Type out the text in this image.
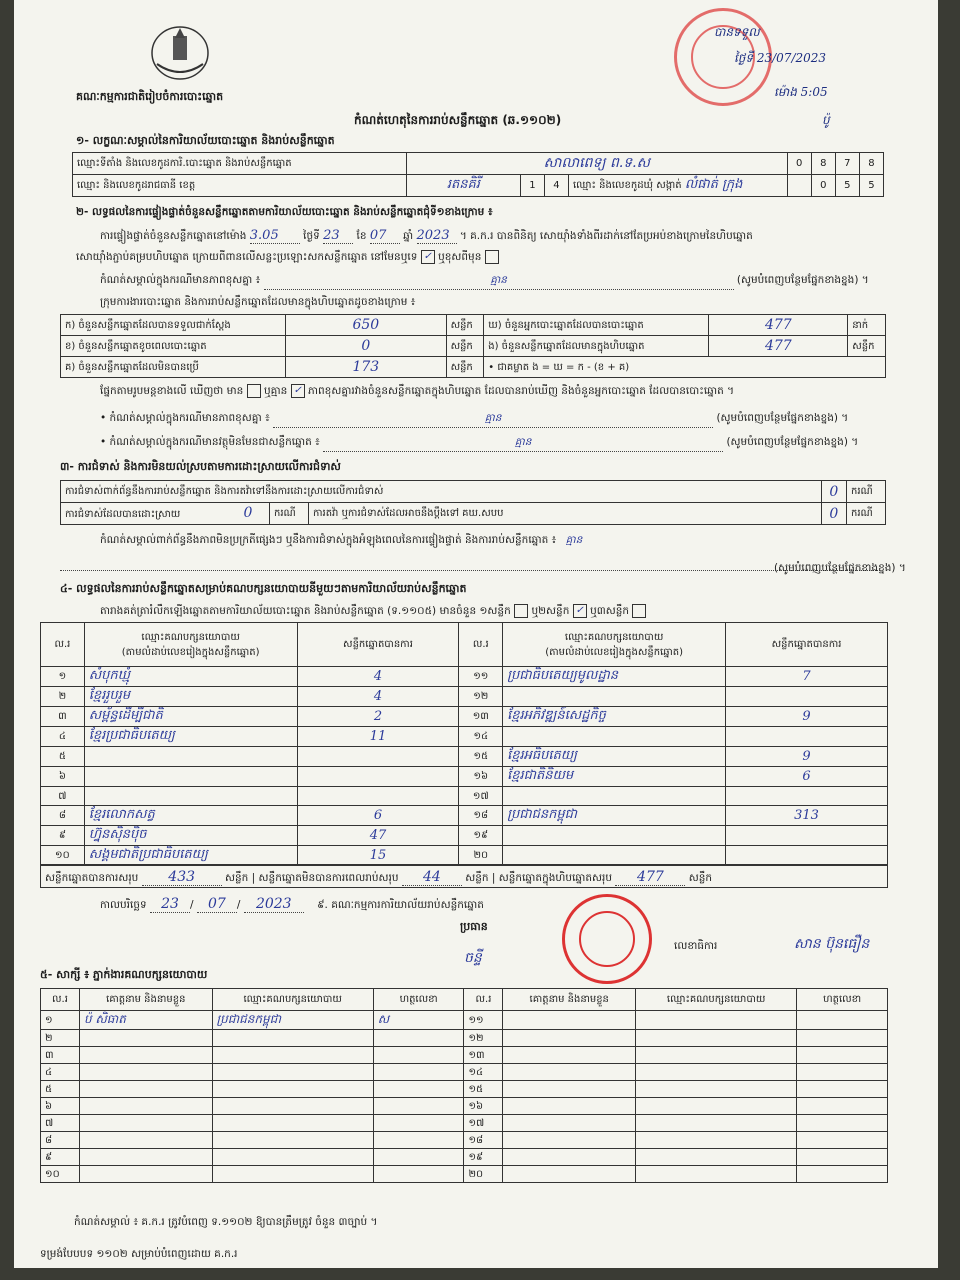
គណៈកម្មការជាតិរៀបចំការបោះឆ្នោត
កំណត់ហេតុនៃការរាប់សន្លឹកឆ្នោត (ឆ.១១០២)
បានទទួល
ថ្ងៃទី 23/07/2023
ម៉ោង 5:05
ប៉ូ
១- លក្ខណៈសម្គាល់នៃការិយាល័យបោះឆ្នោត និងរាប់សន្លឹកឆ្នោត
ឈ្មោះទីតាំង និងលេខកូដការិ.បោះឆ្នោត និងរាប់សន្លឹកឆ្នោត	សាលាពេទ្យ ព.ទ.ស				0	8	7	8
ឈ្មោះ និងលេខកូដរាជធានី ខេត្ត	រតនគិរី	1	4	ឈ្មោះ និងលេខកូដឃុំ សង្កាត់ លំផាត់ ក្រុង		0	5	5
២- លទ្ធផលនៃការផ្ទៀងផ្ទាត់ចំនួនសន្លឹកឆ្នោតតាមការិយាល័យបោះឆ្នោត និងរាប់សន្លឹកឆ្នោតជុំទី១ខាងក្រោម ៖
ការផ្ទៀងផ្ទាត់ចំនួនសន្លឹកឆ្នោតនៅម៉ោង 3.05 ថ្ងៃទី 23 ខែ 07 ឆ្នាំ 2023 ។ គ.ក.រ បានពិនិត្យ សោយ៉ាំងទាំងពីរដាក់នៅតែប្រអប់ខាងក្រោមនៃហិបឆ្នោត
សោយ៉ាំងភ្ជាប់គម្របហិបឆ្នោត ក្រោយពីពានលើសន្លះប្រឡោះសកសន្លឹកឆ្នោត នៅមែនឬទេ ✓ ឬខុសពីមុន
កំណត់សម្គាល់ក្នុងករណីមានភាពខុសគ្នា ៖	គ្មាន	(សូមបំពេញបន្ថែមផ្នែកខាងខ្នង) ។
ក្រុមការងារបោះឆ្នោត និងការរាប់សន្លឹកឆ្នោតដែលមានក្នុងហិបឆ្នោតដូចខាងក្រោម ៖
ក) ចំនួនសន្លឹកឆ្នោតដែលបានទទួលជាក់ស្តែង	650	សន្លឹក	ឃ) ចំនួនអ្នកបោះឆ្នោតដែលបានបោះឆ្នោត	477	នាក់
ខ) ចំនួនសន្លឹកឆ្នោតខូចពេលបោះឆ្នោត	0	សន្លឹក	ង) ចំនួនសន្លឹកឆ្នោតដែលមានក្នុងហិបឆ្នោត	477	សន្លឹក
គ) ចំនួនសន្លឹកឆ្នោតដែលមិនបានប្រើ	173	សន្លឹក	• ជាគម្លាត ង = ឃ = ក - (ខ + គ)		
ផ្នែកតាមរូបមន្តខាងលើ ឃើញថា មាន ឬគ្មាន ✓ ភាពខុសគ្នារវាងចំនួនសន្លឹកឆ្នោតក្នុងហិបឆ្នោត ដែលបានរាប់ឃើញ និងចំនួនអ្នកបោះឆ្នោត ដែលបានបោះឆ្នោត ។
• កំណត់សម្គាល់ក្នុងករណីមានភាពខុសគ្នា ៖	គ្មាន	(សូមបំពេញបន្ថែមផ្នែកខាងខ្នង) ។
• កំណត់សម្គាល់ក្នុងករណីមានវត្ថុមិនមែនជាសន្លឹកឆ្នោត ៖	គ្មាន	(សូមបំពេញបន្ថែមផ្នែកខាងខ្នង) ។
៣- ការជំទាស់ និងការមិនយល់ស្របតាមការដោះស្រាយលើការជំទាស់
ការជំទាស់ពាក់ព័ន្ធនឹងការរាប់សន្លឹកឆ្នោត និងការតវ៉ាទៅនឹងការដោះស្រាយលើការជំទាស់			0	ករណី
ការជំទាស់ដែលបានដោះស្រាយ 0	ករណី	ការតវ៉ា ឬការជំទាស់ដែលអាចនឹងប្តឹងទៅ គឃ.សបប	0	ករណី
កំណត់សម្គាល់ពាក់ព័ន្ធនឹងភាពមិនប្រក្រតីផ្សេងៗ ឬនឹងការជំទាស់ក្នុងអំឡុងពេលនៃការផ្ទៀងផ្ទាត់ និងការរាប់សន្លឹកឆ្នោត ៖ គ្មាន
(សូមបំពេញបន្ថែមផ្នែកខាងខ្នង) ។
៤- លទ្ធផលនៃការរាប់សន្លឹកឆ្នោតសម្រាប់គណបក្សនយោបាយនីមួយៗតាមការិយាល័យរាប់សន្លឹកឆ្នោត
តារាងគត់ត្រារំលឹកឡើងឆ្នោតតាមការិយាល័យបោះឆ្នោត និងរាប់សន្លឹកឆ្នោត (ទ.១១០៥) មានចំនួន ១សន្លឹក ឬ២សន្លឹក ✓ ឬ៣សន្លឹក
ល.រ	ឈ្មោះគណបក្សនយោបាយ
(តាមលំដាប់លេខរៀងក្នុងសន្លឹកឆ្នោត)	សន្លឹកឆ្នោតបានការ	ល.រ	ឈ្មោះគណបក្សនយោបាយ
(តាមលំដាប់លេខរៀងក្នុងសន្លឹកឆ្នោត)	សន្លឹកឆ្នោតបានការ
១	សំបុកឃ្មុំ	4	១១	ប្រជាធិបតេយ្យមូលដ្ឋាន	7
២	ខ្មែររួបរួម	4	១២		
៣	សម្ព័ន្ធដើម្បីជាតិ	2	១៣	ខ្មែរអភិវឌ្ឍន៍សេដ្ឋកិច្ច	9
៤	ខ្មែរប្រជាធិបតេយ្យ	11	១៤		
៥			១៥	ខ្មែរអធិបតេយ្យ	9
៦			១៦	ខ្មែរជាតិនិយម	6
៧			១៧		
៨	ខ្មែរលោកសត្វ	6	១៨	ប្រជាជនកម្ពុជា	313
៩	ហ្វ៊ុនស៊ិនប៉ិច	47	១៩		
១០	សង្គមជាតិប្រជាធិបតេយ្យ	15	២០		
សន្លឹកឆ្នោតបានការសរុប 433	សន្លឹក | សន្លឹកឆ្នោតមិនបានការពេលរាប់សរុប 44 សន្លឹក | សន្លឹកឆ្នោតក្នុងហិបឆ្នោតសរុប 477 សន្លឹក
កាលបរិច្ឆេទ 23 / 07 / 2023 ៩. គណៈកម្មការការិយាល័យរាប់សន្លឹកឆ្នោត
ប្រធាន
ចន្ទី
លេខាធិការ	សាន ប៊ុនធឿន
៥- សាក្សី ៖ ភ្នាក់ងារគណបក្សនយោបាយ
ល.រ	គោត្តនាម និងនាមខ្លួន	ឈ្មោះគណបក្សនយោបាយ	ហត្ថលេខា	ល.រ	គោត្តនាម និងនាមខ្លួន	ឈ្មោះគណបក្សនយោបាយ	ហត្ថលេខា
១	ប៉ សិធាត	ប្រជាជនកម្ពុជា	ស	១១			
២				១២			
៣				១៣			
៤				១៤			
៥				១៥			
៦				១៦			
៧				១៧			
៨				១៨			
៩				១៩			
១០				២០			
កំណត់សម្គាល់ ៖ គ.ក.រ ត្រូវបំពេញ ទ.១១០២ ឱ្យបានត្រឹមត្រូវ ចំនួន ៣ច្បាប់ ។
ទម្រង់បែបបទ ១១០២ សម្រាប់បំពេញដោយ គ.ក.រ
